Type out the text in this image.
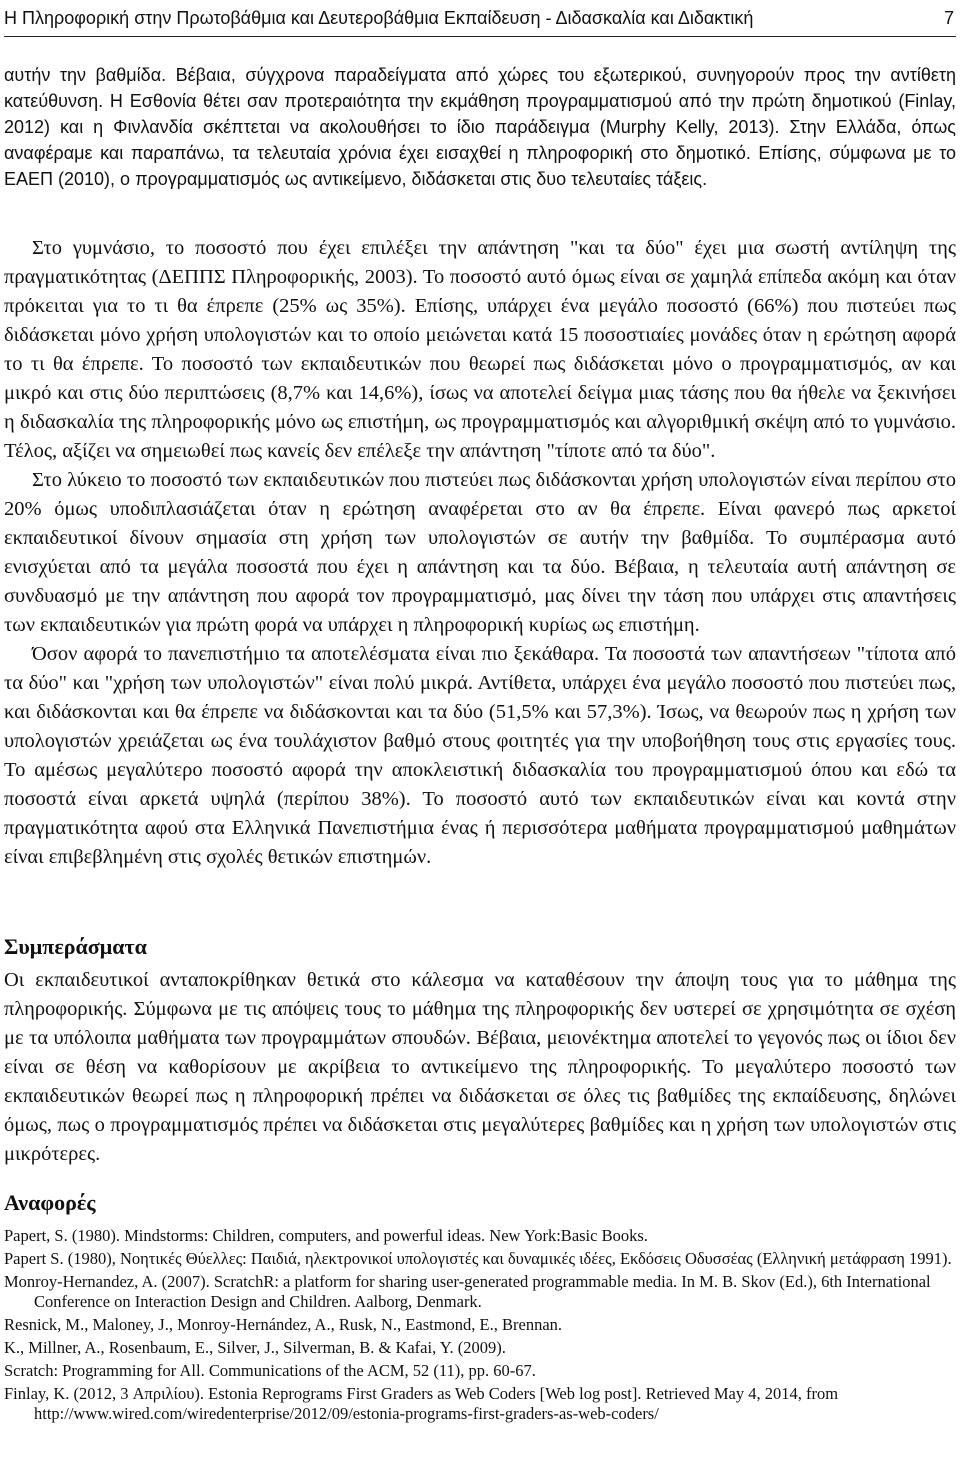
Η Πληροφορική στην Πρωτοβάθμια και Δευτεροβάθμια Εκπαίδευση - Διδασκαλία και Διδακτική	7
αυτήν την βαθμίδα. Βέβαια, σύγχρονα παραδείγματα από χώρες του εξωτερικού, συνηγορούν προς την αντίθετη κατεύθυνση. Η Εσθονία θέτει σαν προτεραιότητα την εκμάθηση προγραμματισμού από την πρώτη δημοτικού (Finlay, 2012) και η Φινλανδία σκέπτεται να ακολουθήσει το ίδιο παράδειγμα (Murphy Kelly, 2013). Στην Ελλάδα, όπως αναφέραμε και παραπάνω, τα τελευταία χρόνια έχει εισαχθεί η πληροφορική στο δημοτικό. Επίσης, σύμφωνα με το ΕΑΕΠ (2010), ο προγραμματισμός ως αντικείμενο, διδάσκεται στις δυο τελευταίες τάξεις.

Στο γυμνάσιο, το ποσοστό που έχει επιλέξει την απάντηση "και τα δύο" έχει μια σωστή αντίληψη της πραγματικότητας (ΔΕΠΠΣ Πληροφορικής, 2003). Το ποσοστό αυτό όμως είναι σε χαμηλά επίπεδα ακόμη και όταν πρόκειται για το τι θα έπρεπε (25% ως 35%). Επίσης, υπάρχει ένα μεγάλο ποσοστό (66%) που πιστεύει πως διδάσκεται μόνο χρήση υπολογιστών και το οποίο μειώνεται κατά 15 ποσοστιαίες μονάδες όταν η ερώτηση αφορά το τι θα έπρεπε. Το ποσοστό των εκπαιδευτικών που θεωρεί πως διδάσκεται μόνο ο προγραμματισμός, αν και μικρό και στις δύο περιπτώσεις (8,7% και 14,6%), ίσως να αποτελεί δείγμα μιας τάσης που θα ήθελε να ξεκινήσει η διδασκαλία της πληροφορικής μόνο ως επιστήμη, ως προγραμματισμός και αλγοριθμική σκέψη από το γυμνάσιο. Τέλος, αξίζει να σημειωθεί πως κανείς δεν επέλεξε την απάντηση "τίποτε από τα δύο".

Στο λύκειο το ποσοστό των εκπαιδευτικών που πιστεύει πως διδάσκονται χρήση υπολογιστών είναι περίπου στο 20% όμως υποδιπλασιάζεται όταν η ερώτηση αναφέρεται στο αν θα έπρεπε. Είναι φανερό πως αρκετοί εκπαιδευτικοί δίνουν σημασία στη χρήση των υπολογιστών σε αυτήν την βαθμίδα. Το συμπέρασμα αυτό ενισχύεται από τα μεγάλα ποσοστά που έχει η απάντηση και τα δύο. Βέβαια, η τελευταία αυτή απάντηση σε συνδυασμό με την απάντηση που αφορά τον προγραμματισμό, μας δίνει την τάση που υπάρχει στις απαντήσεις των εκπαιδευτικών για πρώτη φορά να υπάρχει η πληροφορική κυρίως ως επιστήμη.

Όσον αφορά το πανεπιστήμιο τα αποτελέσματα είναι πιο ξεκάθαρα. Τα ποσοστά των απαντήσεων "τίποτα από τα δύο" και "χρήση των υπολογιστών" είναι πολύ μικρά. Αντίθετα, υπάρχει ένα μεγάλο ποσοστό που πιστεύει πως, και διδάσκονται και θα έπρεπε να διδάσκονται και τα δύο (51,5% και 57,3%). Ίσως, να θεωρούν πως η χρήση των υπολογιστών χρειάζεται ως ένα τουλάχιστον βαθμό στους φοιτητές για την υποβοήθηση τους στις εργασίες τους. Το αμέσως μεγαλύτερο ποσοστό αφορά την αποκλειστική διδασκαλία του προγραμματισμού όπου και εδώ τα ποσοστά είναι αρκετά υψηλά (περίπου 38%). Το ποσοστό αυτό των εκπαιδευτικών είναι και κοντά στην πραγματικότητα αφού στα Ελληνικά Πανεπιστήμια ένας ή περισσότερα μαθήματα προγραμματισμού μαθημάτων είναι επιβεβλημένη στις σχολές θετικών επιστημών.

Συμπεράσματα

Οι εκπαιδευτικοί ανταποκρίθηκαν θετικά στο κάλεσμα να καταθέσουν την άποψη τους για το μάθημα της πληροφορικής. Σύμφωνα με τις απόψεις τους το μάθημα της πληροφορικής δεν υστερεί σε χρησιμότητα σε σχέση με τα υπόλοιπα μαθήματα των προγραμμάτων σπουδών. Βέβαια, μειονέκτημα αποτελεί το γεγονός πως οι ίδιοι δεν είναι σε θέση να καθορίσουν με ακρίβεια το αντικείμενο της πληροφορικής. Το μεγαλύτερο ποσοστό των εκπαιδευτικών θεωρεί πως η πληροφορική πρέπει να διδάσκεται σε όλες τις βαθμίδες της εκπαίδευσης, δηλώνει όμως, πως ο προγραμματισμός πρέπει να διδάσκεται στις μεγαλύτερες βαθμίδες και η χρήση των υπολογιστών στις μικρότερες.

Αναφορές
Papert, S. (1980). Mindstorms: Children, computers, and powerful ideas. New York:Basic Books.
Papert S. (1980), Νοητικές Θύελλες: Παιδιά, ηλεκτρονικοί υπολογιστές και δυναμικές ιδέες, Εκδόσεις Οδυσσέας (Ελληνική μετάφραση 1991).
Monroy-Hernandez, A. (2007). ScratchR: a platform for sharing user-generated programmable media. In M. B. Skov (Ed.), 6th International Conference on Interaction Design and Children. Aalborg, Denmark.
Resnick, M., Maloney, J., Monroy-Hernández, A., Rusk, N., Eastmond, E., Brennan.
K., Millner, A., Rosenbaum, E., Silver, J., Silverman, B. & Kafai, Y. (2009).
Scratch: Programming for All. Communications of the ACM, 52 (11), pp. 60-67.
Finlay, K. (2012, 3 Απριλίου). Estonia Reprograms First Graders as Web Coders [Web log post]. Retrieved May 4, 2014, from http://www.wired.com/wiredenterprise/2012/09/estonia-programs-first-graders-as-web-coders/
